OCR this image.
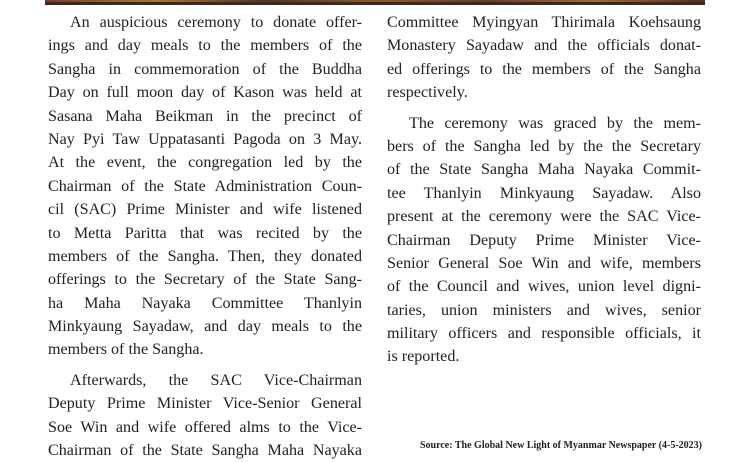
An auspicious ceremony to donate offer-
ings and day meals to the members of the
Sangha in commemoration of the Buddha
Day on full moon day of Kason was held at
Sasana Maha Beikman in the precinct of
Nay Pyi Taw Uppatasanti Pagoda on 3 May.
At the event, the congregation led by the
Chairman of the State Administration Coun-
cil (SAC) Prime Minister and wife listened
to Metta Paritta that was recited by the
members of the Sangha. Then, they donated
offerings to the Secretary of the State Sang-
ha Maha Nayaka Committee Thanlyin
Minkyaung Sayadaw, and day meals to the
members of the Sangha.
Afterwards, the SAC Vice-Chairman
Deputy Prime Minister Vice-Senior General
Soe Win and wife offered alms to the Vice-
Chairman of the State Sangha Maha Nayaka
Committee Myingyan Thirimala Koehsaung
Monastery Sayadaw and the officials donat-
ed offerings to the members of the Sangha
respectively.
The ceremony was graced by the mem-
bers of the Sangha led by the the Secretary
of the State Sangha Maha Nayaka Commit-
tee Thanlyin Minkyaung Sayadaw. Also
present at the ceremony were the SAC Vice-
Chairman Deputy Prime Minister Vice-
Senior General Soe Win and wife, members
of the Council and wives, union level digni-
taries, union ministers and wives, senior
military officers and responsible officials, it
is reported.
Source: The Global New Light of Myanmar Newspaper (4-5-2023)
